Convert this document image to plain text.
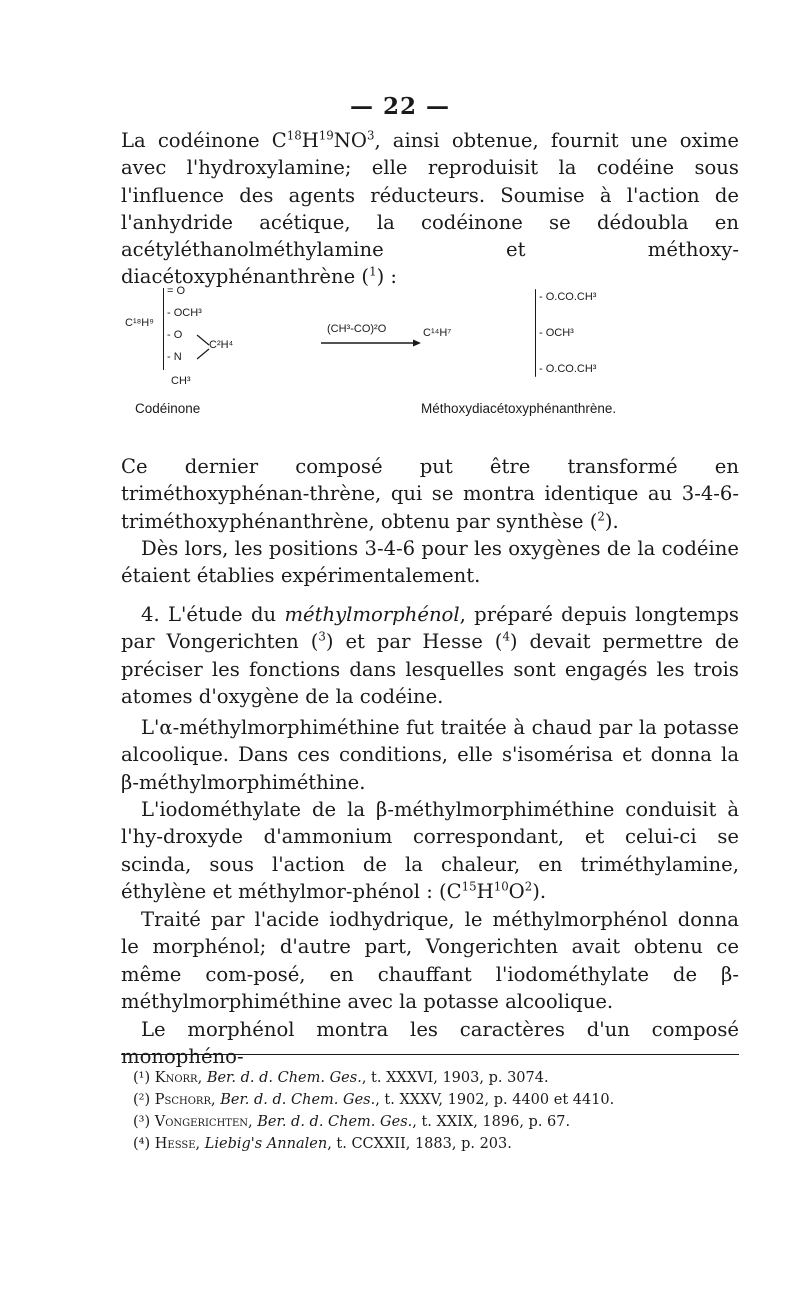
— 22 —
La codéinone $C^{18}H^{19}NO^3$, ainsi obtenue, fournit une oxime avec l'hydroxylamine; elle reproduisit la codéine sous l'influence des agents réducteurs. Soumise à l'action de l'anhydride acétique, la codéinone se dédoubla en acétyléthanolméthylamine et méthoxy-diacétoxyphénanthrène ($^1$) :
C¹⁸H⁹
= O
- OCH³
- O
C²H⁴
- N
CH³
(CH³-CO)²O	C¹⁴H⁷
- O.CO.CH³
- OCH³
- O.CO.CH³
Codéinone	Méthoxydiacétoxyphénanthrène.
Ce dernier composé put être transformé en triméthoxyphénan-thrène, qui se montra identique au 3-4-6-triméthoxyphénanthrène, obtenu par synthèse ($^2$).
Dès lors, les positions 3-4-6 pour les oxygènes de la codéine étaient établies expérimentalement.
4. L'étude du méthylmorphénol, préparé depuis longtemps par Vongerichten ($^3$) et par Hesse ($^4$) devait permettre de préciser les fonctions dans lesquelles sont engagés les trois atomes d'oxygène de la codéine.
L'α-méthylmorphiméthine fut traitée à chaud par la potasse alcoolique. Dans ces conditions, elle s'isomérisa et donna la β-méthylmorphiméthine.
L'iodométhylate de la β-méthylmorphiméthine conduisit à l'hy-droxyde d'ammonium correspondant, et celui-ci se scinda, sous l'action de la chaleur, en triméthylamine, éthylène et méthylmor-phénol : $(C^{15}H^{10}O^2)$.
Traité par l'acide iodhydrique, le méthylmorphénol donna le morphénol; d'autre part, Vongerichten avait obtenu ce même com-posé, en chauffant l'iodométhylate de β-méthylmorphiméthine avec la potasse alcoolique.
Le morphénol montra les caractères d'un composé monophéno-
(¹) Knorr, Ber. d. d. Chem. Ges., t. XXXVI, 1903, p. 3074.
(²) Pschorr, Ber. d. d. Chem. Ges., t. XXXV, 1902, p. 4400 et 4410.
(³) Vongerichten, Ber. d. d. Chem. Ges., t. XXIX, 1896, p. 67.
(⁴) Hesse, Liebig's Annalen, t. CCXXII, 1883, p. 203.
